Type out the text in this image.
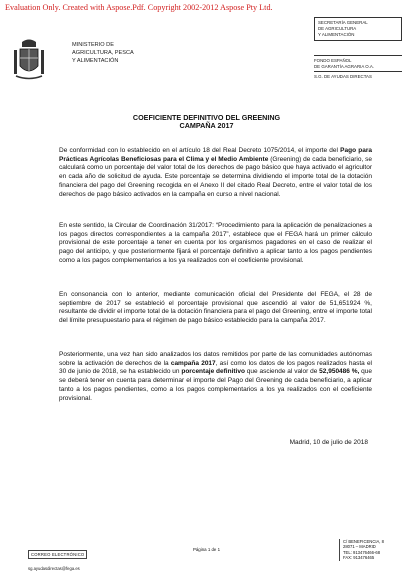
Evaluation Only. Created with Aspose.Pdf. Copyright 2002-2012 Aspose Pty Ltd.
MINISTERIO DE
AGRICULTURA, PESCA
Y ALIMENTACIÓN
SECRETARÍA GENERAL
DE AGRICULTURA
Y ALIMENTACIÓN
FONDO ESPAÑOL
DE GARANTÍA AGRARIA O.A.
S.G. DE AYUDAS DIRECTAS
COEFICIENTE DEFINITIVO DEL GREENING
CAMPAÑA 2017
De conformidad con lo establecido en el artículo 18 del Real Decreto 1075/2014, el importe del Pago para Prácticas Agrícolas Beneficiosas para el Clima y el Medio Ambiente (Greening) de cada beneficiario, se calculará como un porcentaje del valor total de los derechos de pago básico que haya activado el agricultor en cada año de solicitud de ayuda. Este porcentaje se determina dividiendo el importe total de la dotación financiera del pago del Greening recogida en el Anexo II del citado Real Decreto, entre el valor total de los derechos de pago básico activados en la campaña en curso a nivel nacional.
En este sentido, la Circular de Coordinación 31/2017: “Procedimiento para la aplicación de penalizaciones a los pagos directos correspondientes a la campaña 2017”, establece que el FEGA hará un primer cálculo provisional de este porcentaje a tener en cuenta por los organismos pagadores en el caso de realizar el pago del anticipo, y que posteriormente fijará el porcentaje definitivo a aplicar tanto a los pagos pendientes como a los pagos complementarios a los ya realizados con el coeficiente provisional.
En consonancia con lo anterior, mediante comunicación oficial del Presidente del FEGA, el 28 de septiembre de 2017 se estableció el porcentaje provisional que ascendió al valor de 51,651924 %, resultante de dividir el importe total de la dotación financiera para el pago del Greening, entre el importe total del límite presupuestario para el régimen de pago básico establecido para la campaña 2017.
Posteriormente, una vez han sido analizados los datos remitidos por parte de las comunidades autónomas sobre la activación de derechos de la campaña 2017, así como los datos de los pagos realizados hasta el 30 de junio de 2018, se ha establecido un porcentaje definitivo que asciende al valor de 52,950486 %, que se deberá tener en cuenta para determinar el importe del Pago del Greening de cada beneficiario, a aplicar tanto a los pagos pendientes, como a los pagos complementarios a los ya realizados con el coeficiente provisional.
Madrid, 10 de julio de 2018
CORREO ELECTRÓNICO
sg.ayudasdirectas@fega.es
Página 1 de 1
C/ BENEFICENCIA, 8
28071 – MADRID
TEL: 913476466-68
FAX: 913476465
